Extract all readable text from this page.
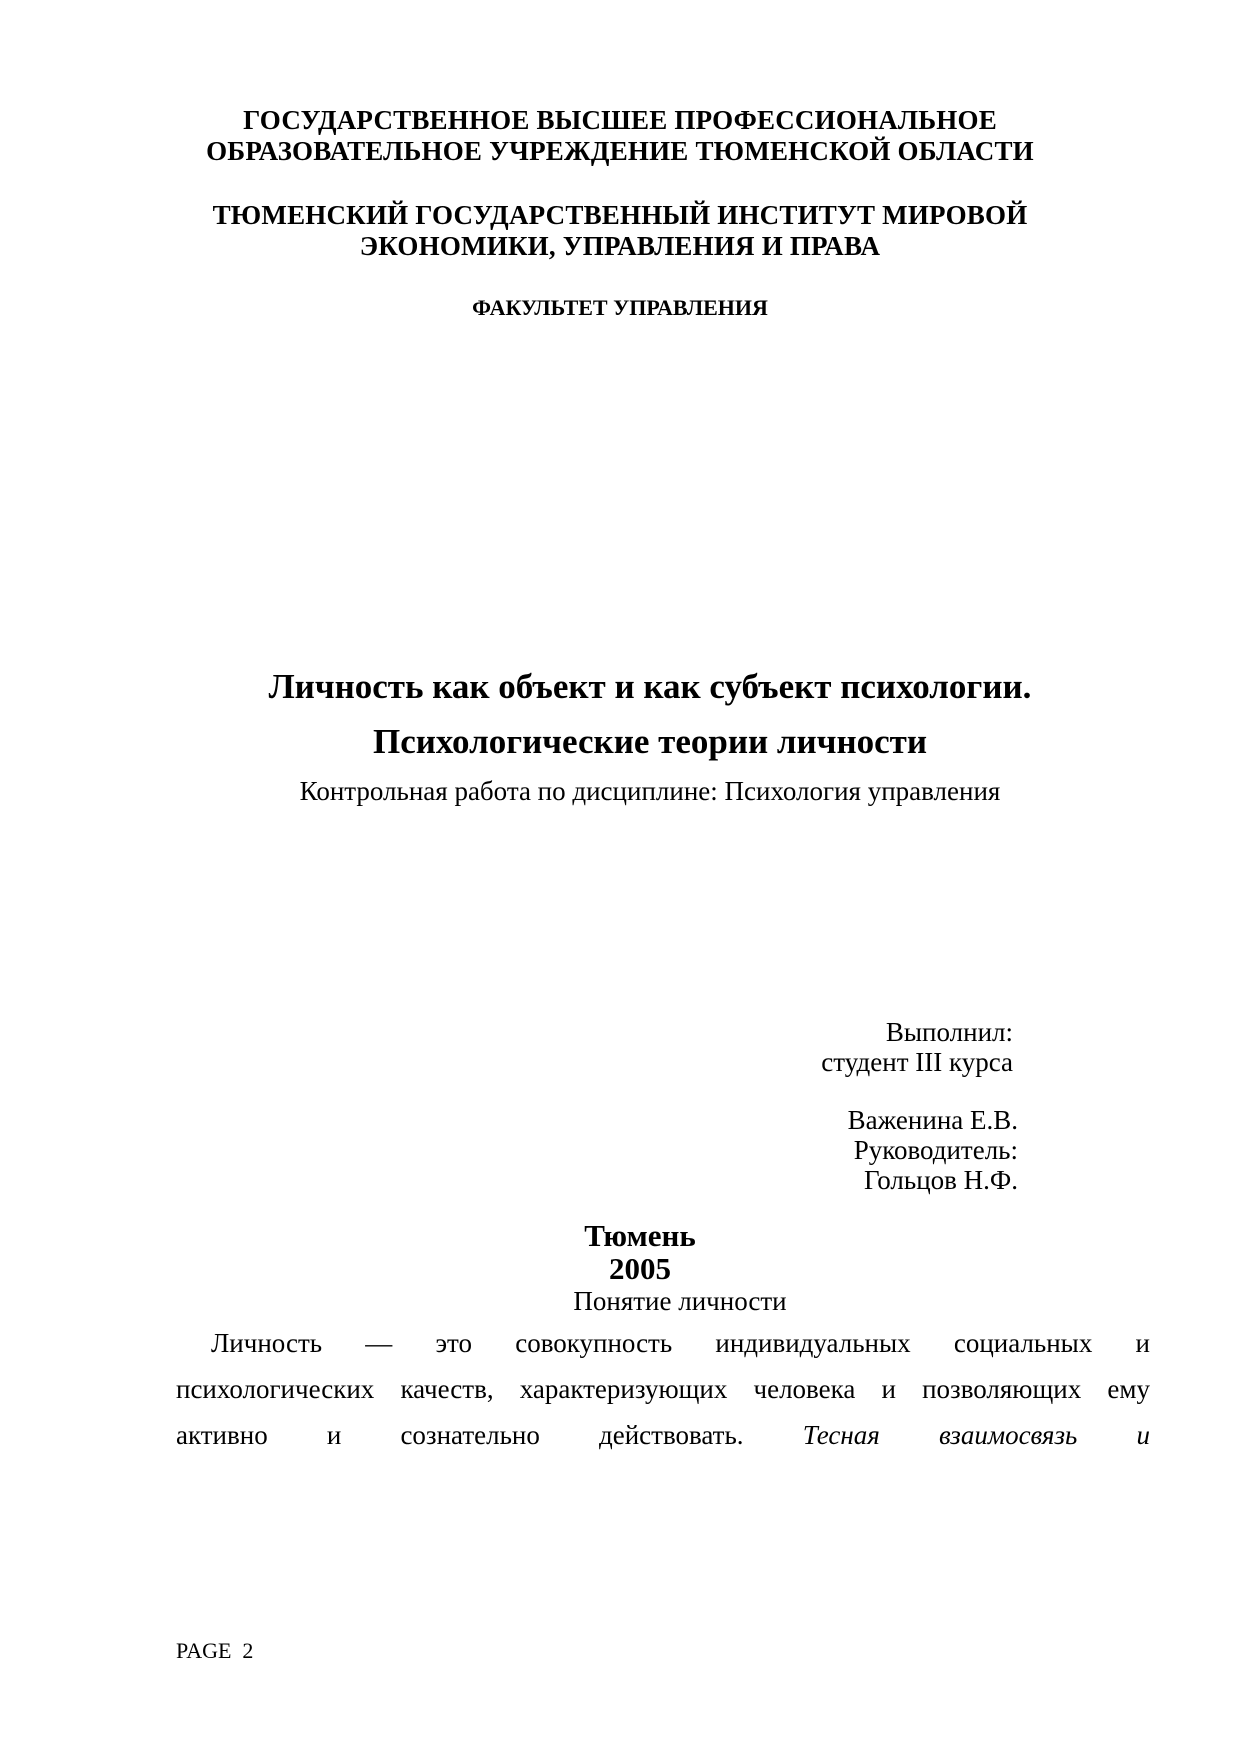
ГОСУДАРСТВЕННОЕ ВЫСШЕЕ ПРОФЕССИОНАЛЬНОЕ
ОБРАЗОВАТЕЛЬНОЕ УЧРЕЖДЕНИЕ ТЮМЕНСКОЙ ОБЛАСТИ
ТЮМЕНСКИЙ ГОСУДАРСТВЕННЫЙ ИНСТИТУТ МИРОВОЙ
ЭКОНОМИКИ, УПРАВЛЕНИЯ И ПРАВА
ФАКУЛЬТЕТ УПРАВЛЕНИЯ
Личность как объект и как субъект психологии.
Психологические теории личности
Контрольная работа по дисциплине: Психология управления
Выполнил:
студент III курса
Важенина Е.В.
Руководитель:
Гольцов Н.Ф.
Тюмень
2005
Понятие личности
Личность — это совокупность индивидуальных социальных и
психологических качеств, характеризующих человека и позволяющих ему
активно и сознательно действовать. Тесная взаимосвязь и
PAGE  2
